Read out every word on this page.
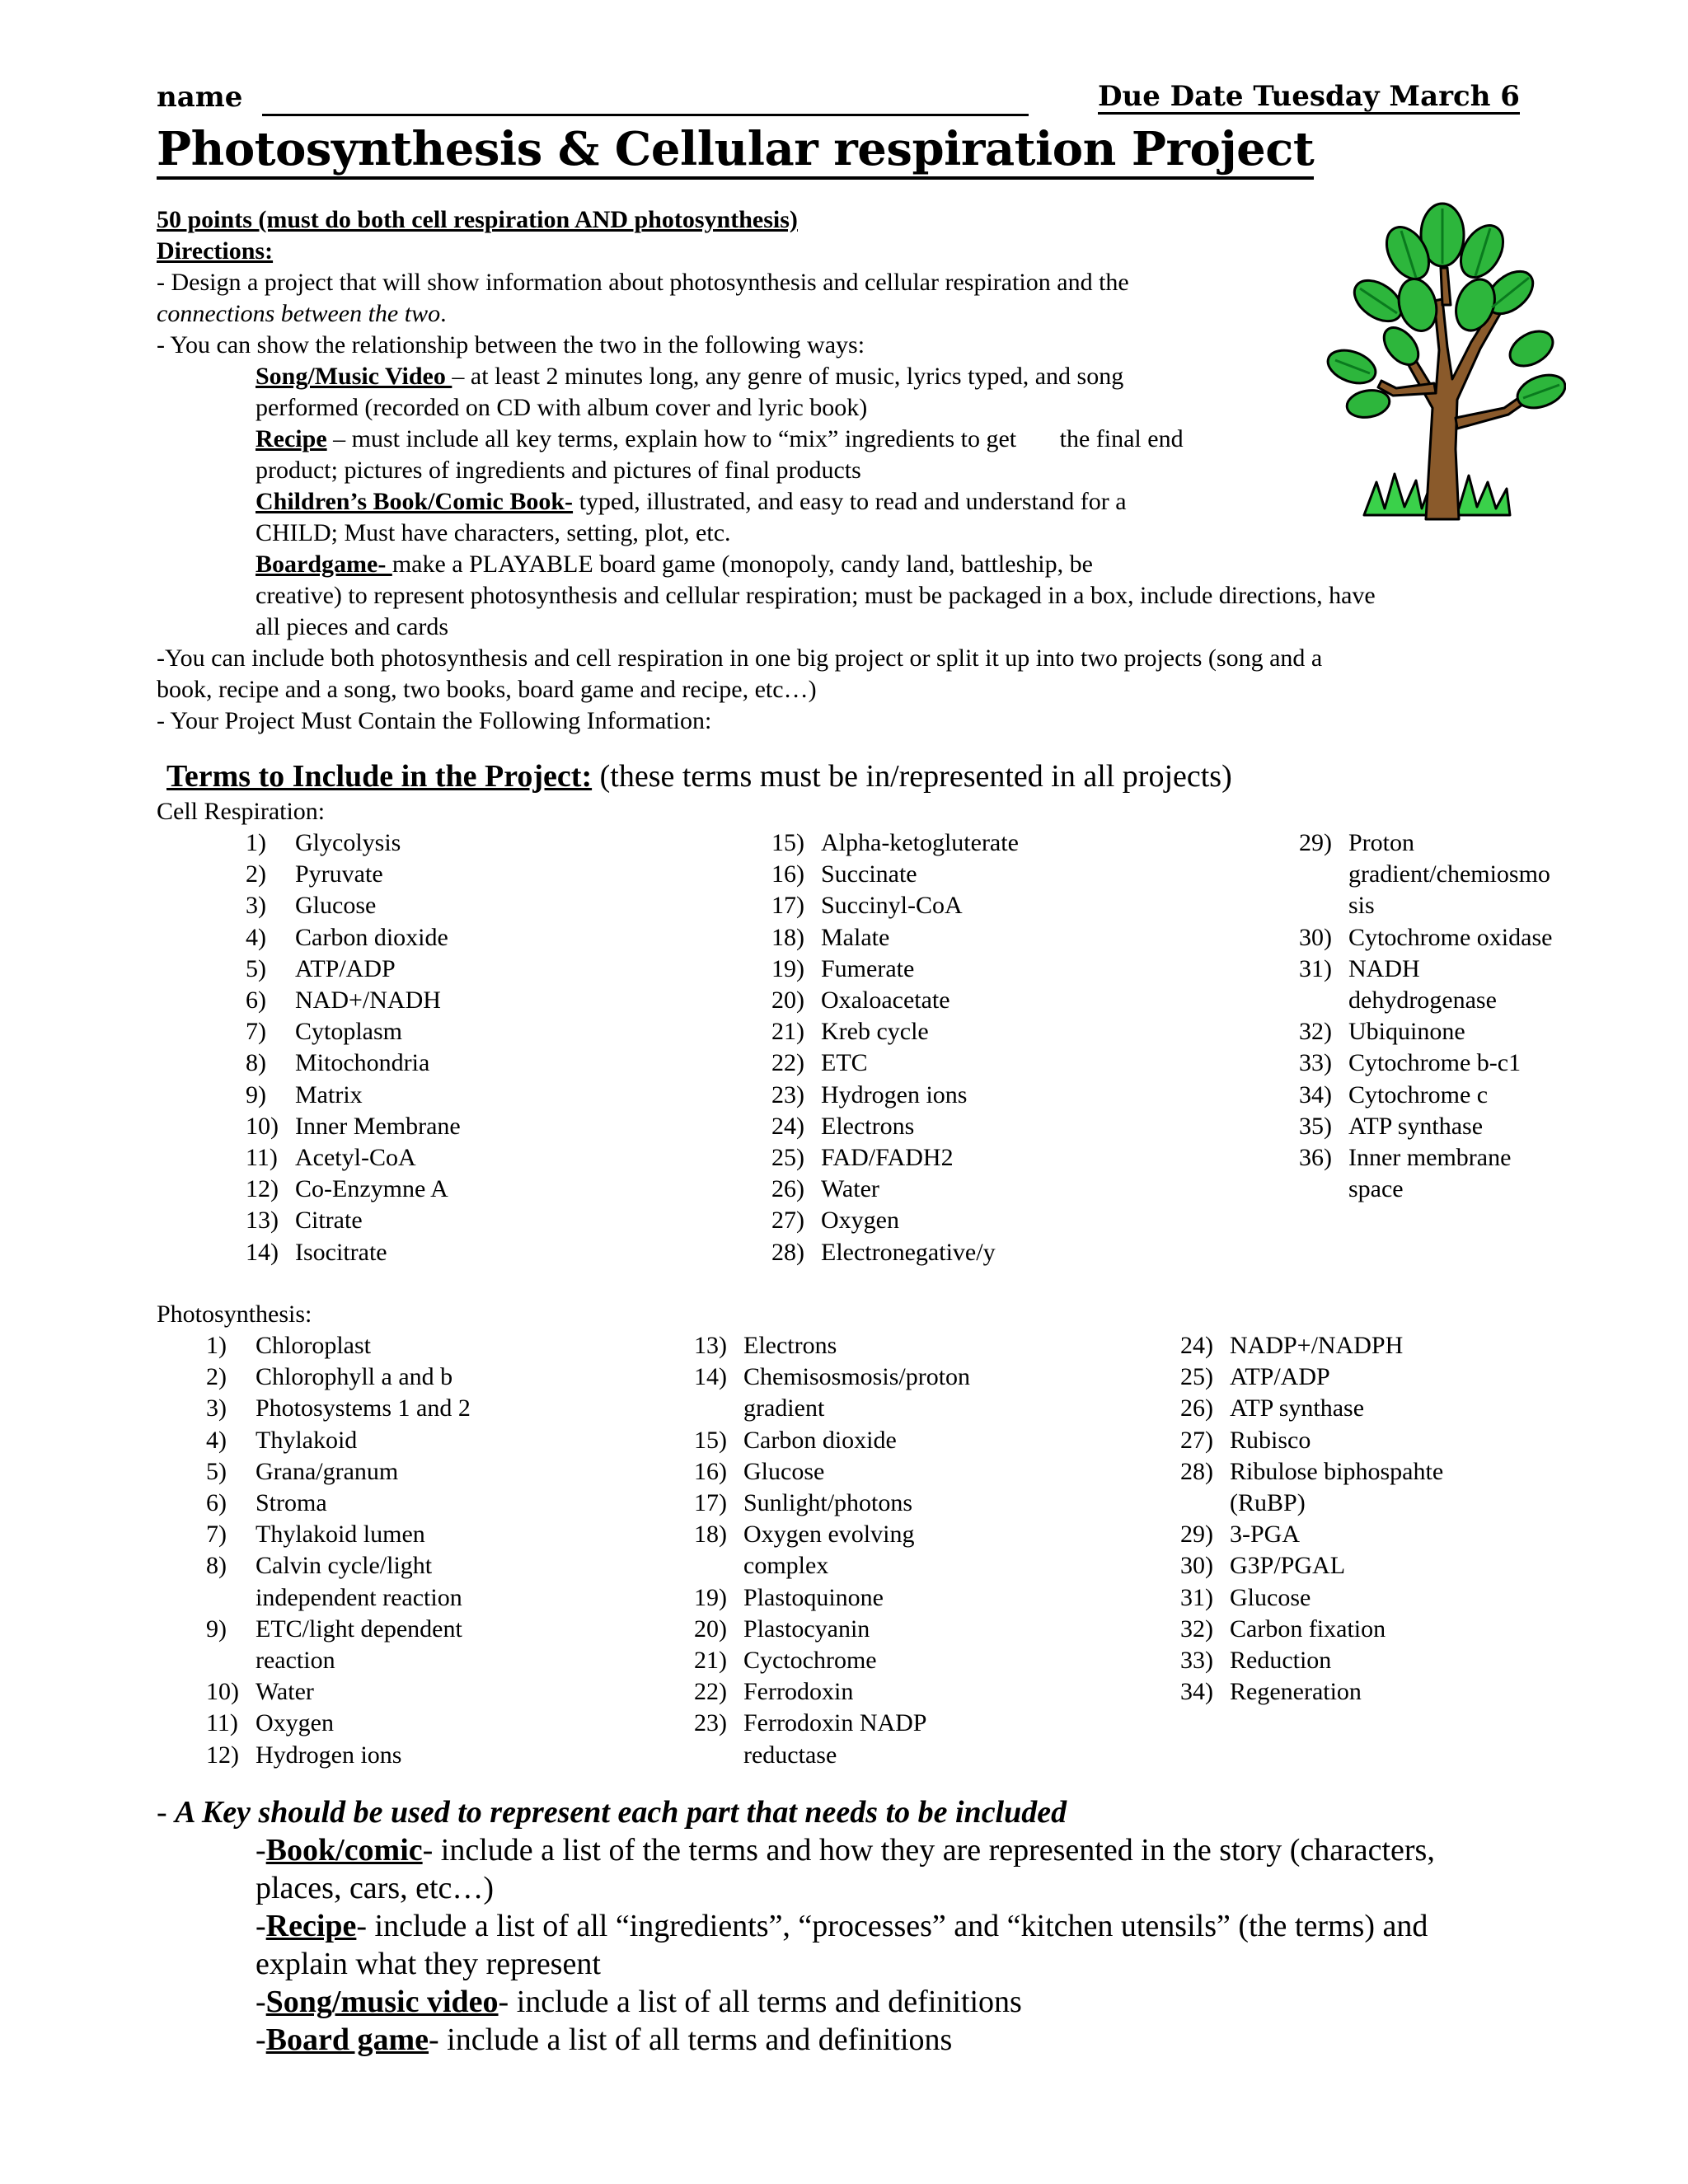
name	Due Date Tuesday March 6
Photosynthesis & Cellular respiration Project
50 points (must do both cell respiration AND photosynthesis)
Directions:
- Design a project that will show information about photosynthesis and cellular respiration and the
connections between the two.
- You can show the relationship between the two in the following ways:
Song/Music Video – at least 2 minutes long, any genre of music, lyrics typed, and song
performed (recorded on CD with album cover and lyric book)
Recipe – must include all key terms, explain how to “mix” ingredients to get       the final end
product; pictures of ingredients and pictures of final products
Children’s Book/Comic Book- typed, illustrated, and easy to read and understand for a
CHILD; Must have characters, setting, plot, etc.
Boardgame- make a PLAYABLE board game (monopoly, candy land, battleship, be
creative) to represent photosynthesis and cellular respiration; must be packaged in a box, include directions, have
all pieces and cards
-You can include both photosynthesis and cell respiration in one big project or split it up into two projects (song and a
book, recipe and a song, two books, board game and recipe, etc…)
- Your Project Must Contain the Following Information:
Terms to Include in the Project: (these terms must be in/represented in all projects)
Cell Respiration:
1)	Glycolysis
2)	Pyruvate
3)	Glucose
4)	Carbon dioxide
5)	ATP/ADP
6)	NAD+/NADH
7)	Cytoplasm
8)	Mitochondria
9)	Matrix
10) Inner Membrane
11) Acetyl-CoA
12) Co-Enzymne A
13) Citrate
14) Isocitrate
15) Alpha-ketogluterate
16) Succinate
17) Succinyl-CoA
18) Malate
19) Fumerate
20) Oxaloacetate
21) Kreb cycle
22) ETC
23) Hydrogen ions
24) Electrons
25) FAD/FADH2
26) Water
27) Oxygen
28) Electronegative/y
29) Proton
gradient/chemiosmo
sis
30) Cytochrome oxidase
31) NADH
dehydrogenase
32) Ubiquinone
33) Cytochrome b-c1
34) Cytochrome c
35) ATP synthase
36) Inner membrane
space
Photosynthesis:
1)	Chloroplast
2)	Chlorophyll a and b
3)	Photosystems 1 and 2
4)	Thylakoid
5)	Grana/granum
6)	Stroma
7)	Thylakoid lumen
8)	Calvin cycle/light
independent reaction
9)	ETC/light dependent
reaction
10) Water
11) Oxygen
12) Hydrogen ions
13) Electrons
14) Chemisosmosis/proton
gradient
15) Carbon dioxide
16) Glucose
17) Sunlight/photons
18) Oxygen evolving
complex
19) Plastoquinone
20) Plastocyanin
21) Cyctochrome
22) Ferrodoxin
23) Ferrodoxin NADP
reductase
24) NADP+/NADPH
25) ATP/ADP
26) ATP synthase
27) Rubisco
28) Ribulose biphospahte
(RuBP)
29) 3-PGA
30) G3P/PGAL
31) Glucose
32) Carbon fixation
33) Reduction
34) Regeneration
- A Key should be used to represent each part that needs to be included
-Book/comic- include a list of the terms and how they are represented in the story (characters,
places, cars, etc…)
-Recipe- include a list of all “ingredients”, “processes” and “kitchen utensils” (the terms) and
explain what they represent
-Song/music video- include a list of all terms and definitions
-Board game- include a list of all terms and definitions
